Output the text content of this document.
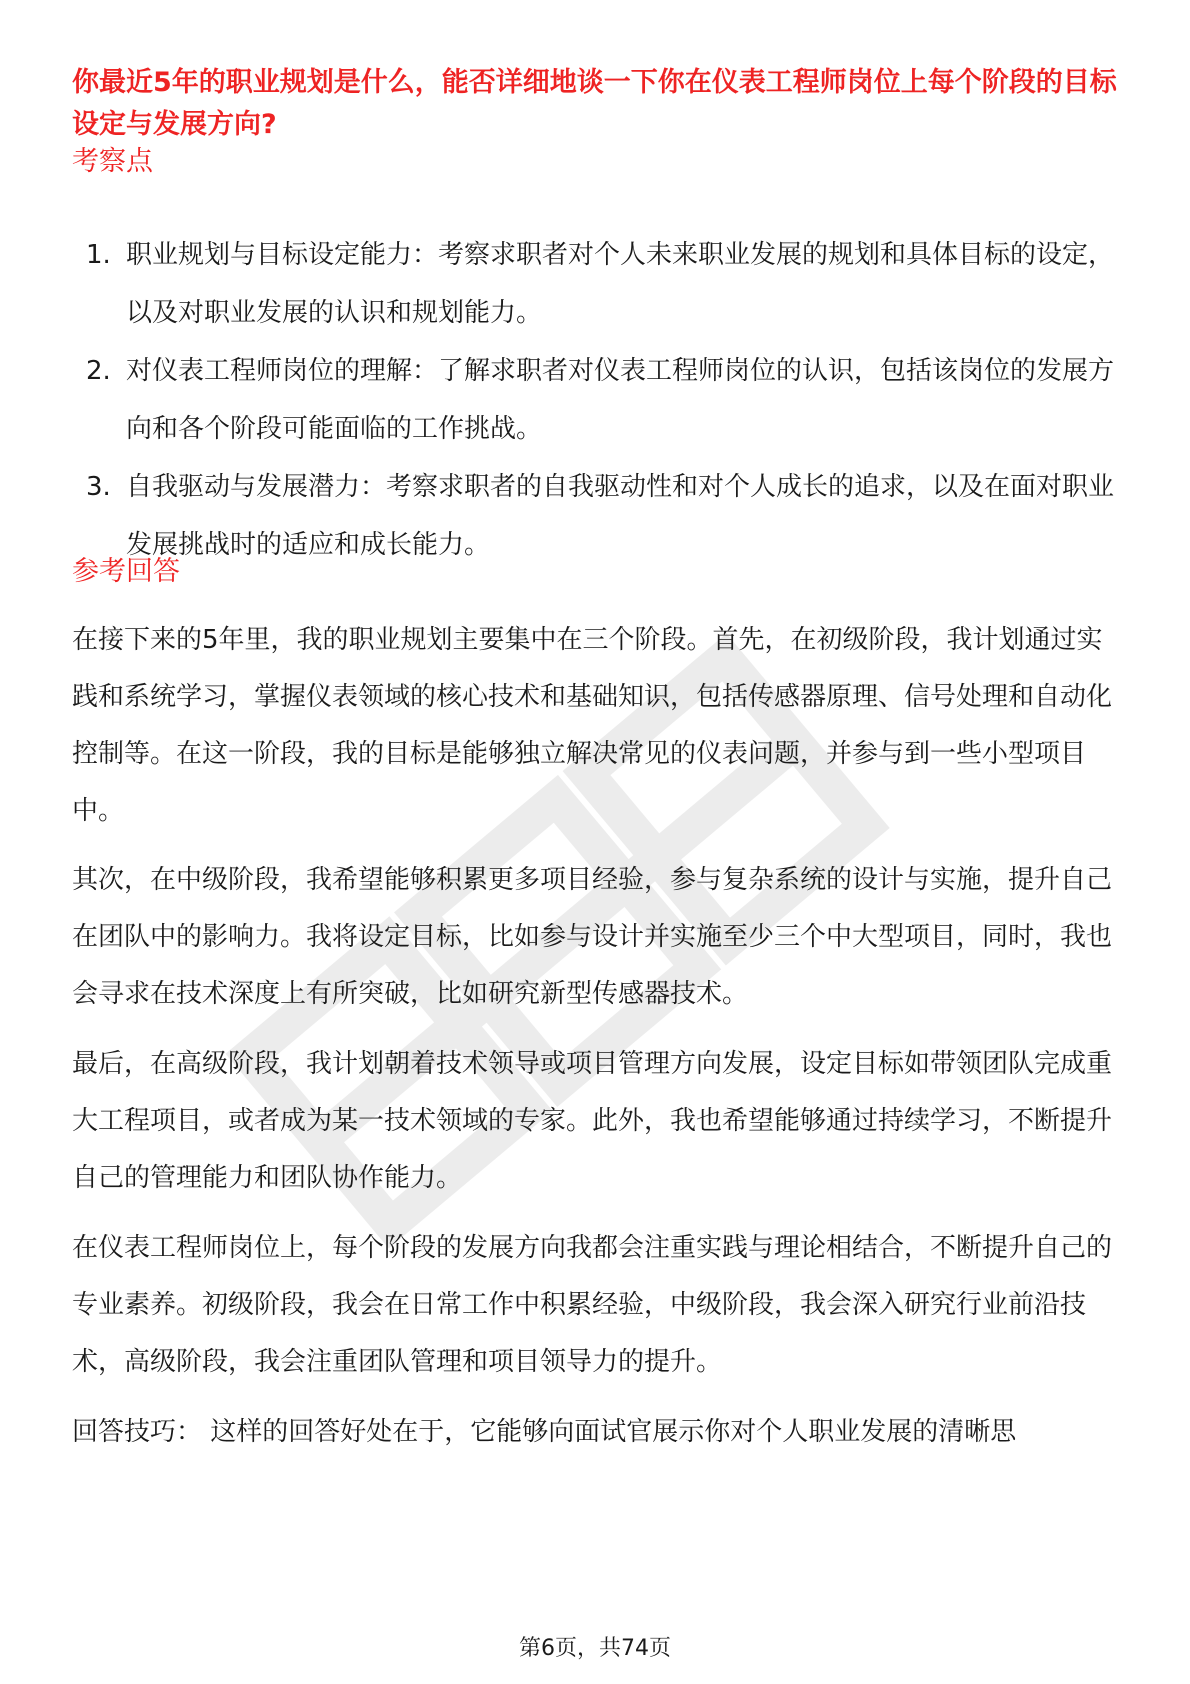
你最近5年的职业规划是什么，能否详细地谈一下你在仪表工程师岗位上每个阶段的目标设定与发展方向?
考察点
1. 职业规划与目标设定能力：考察求职者对个人未来职业发展的规划和具体目标的设定，以及对职业发展的认识和规划能力。
2. 对仪表工程师岗位的理解：了解求职者对仪表工程师岗位的认识，包括该岗位的发展方向和各个阶段可能面临的工作挑战。
3. 自我驱动与发展潜力：考察求职者的自我驱动性和对个人成长的追求，以及在面对职业发展挑战时的适应和成长能力。
参考回答

在接下来的5年里，我的职业规划主要集中在三个阶段。首先，在初级阶段，我计划通过实践和系统学习，掌握仪表领域的核心技术和基础知识，包括传感器原理、信号处理和自动化控制等。在这一阶段，我的目标是能够独立解决常见的仪表问题，并参与到一些小型项目中。

其次，在中级阶段，我希望能够积累更多项目经验，参与复杂系统的设计与实施，提升自己在团队中的影响力。我将设定目标，比如参与设计并实施至少三个中大型项目，同时，我也会寻求在技术深度上有所突破，比如研究新型传感器技术。

最后，在高级阶段，我计划朝着技术领导或项目管理方向发展，设定目标如带领团队完成重大工程项目，或者成为某一技术领域的专家。此外，我也希望能够通过持续学习，不断提升自己的管理能力和团队协作能力。

在仪表工程师岗位上，每个阶段的发展方向我都会注重实践与理论相结合，不断提升自己的专业素养。初级阶段，我会在日常工作中积累经验，中级阶段，我会深入研究行业前沿技术，高级阶段，我会注重团队管理和项目领导力的提升。

回答技巧： 这样的回答好处在于，它能够向面试官展示你对个人职业发展的清晰思

第6页，共74页
